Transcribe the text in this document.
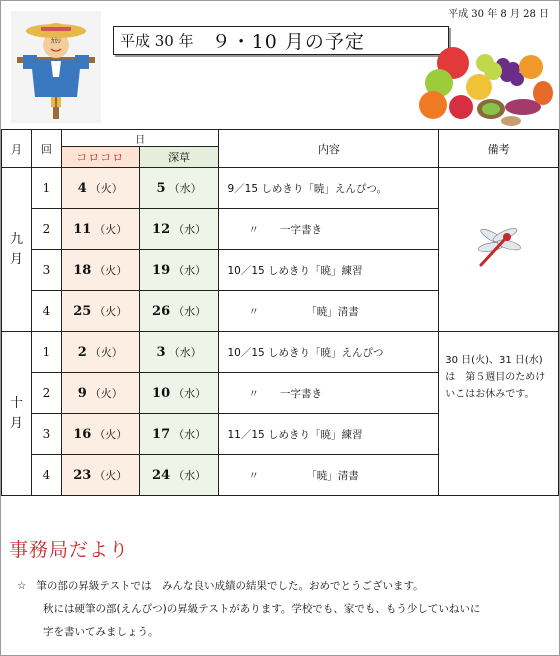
平成 30 年 8 月 28 日
ｶｶｼ	平成 30 年 ９・10 月の予定
月	回	日		内容	備考
		コロコロ	深草		
九月	1	4 （火）	5 （水）	9／15 しめきり「暁」えんぴつ。	
	2	11 （火）	12 （水）	　　〃　　一字書き	
	3	18 （火）	19 （水）	10／15 しめきり「暁」練習	
	4	25 （火）	26 （水）	　　〃　　　　　「暁」清書	
十月	1	2 （火）	3 （水）	10／15 しめきり「暁」えんぴつ	30 日(火)、31 日(水)は　第５週目のためけいこはお休みです。
	2	9 （火）	10 （水）	　　〃　　一字書き	
	3	16 （火）	17 （水）	11／15 しめきり「暁」練習	
	4	23 （火）	24 （水）	　　〃　　　　　「暁」清書	
事務局だより
☆ 筆の部の昇級テストでは　みんな良い成績の結果でした。おめでとうございます。
秋には硬筆の部(えんぴつ)の昇級テストがあります。学校でも、家でも、もう少していねいに
字を書いてみましょう。
